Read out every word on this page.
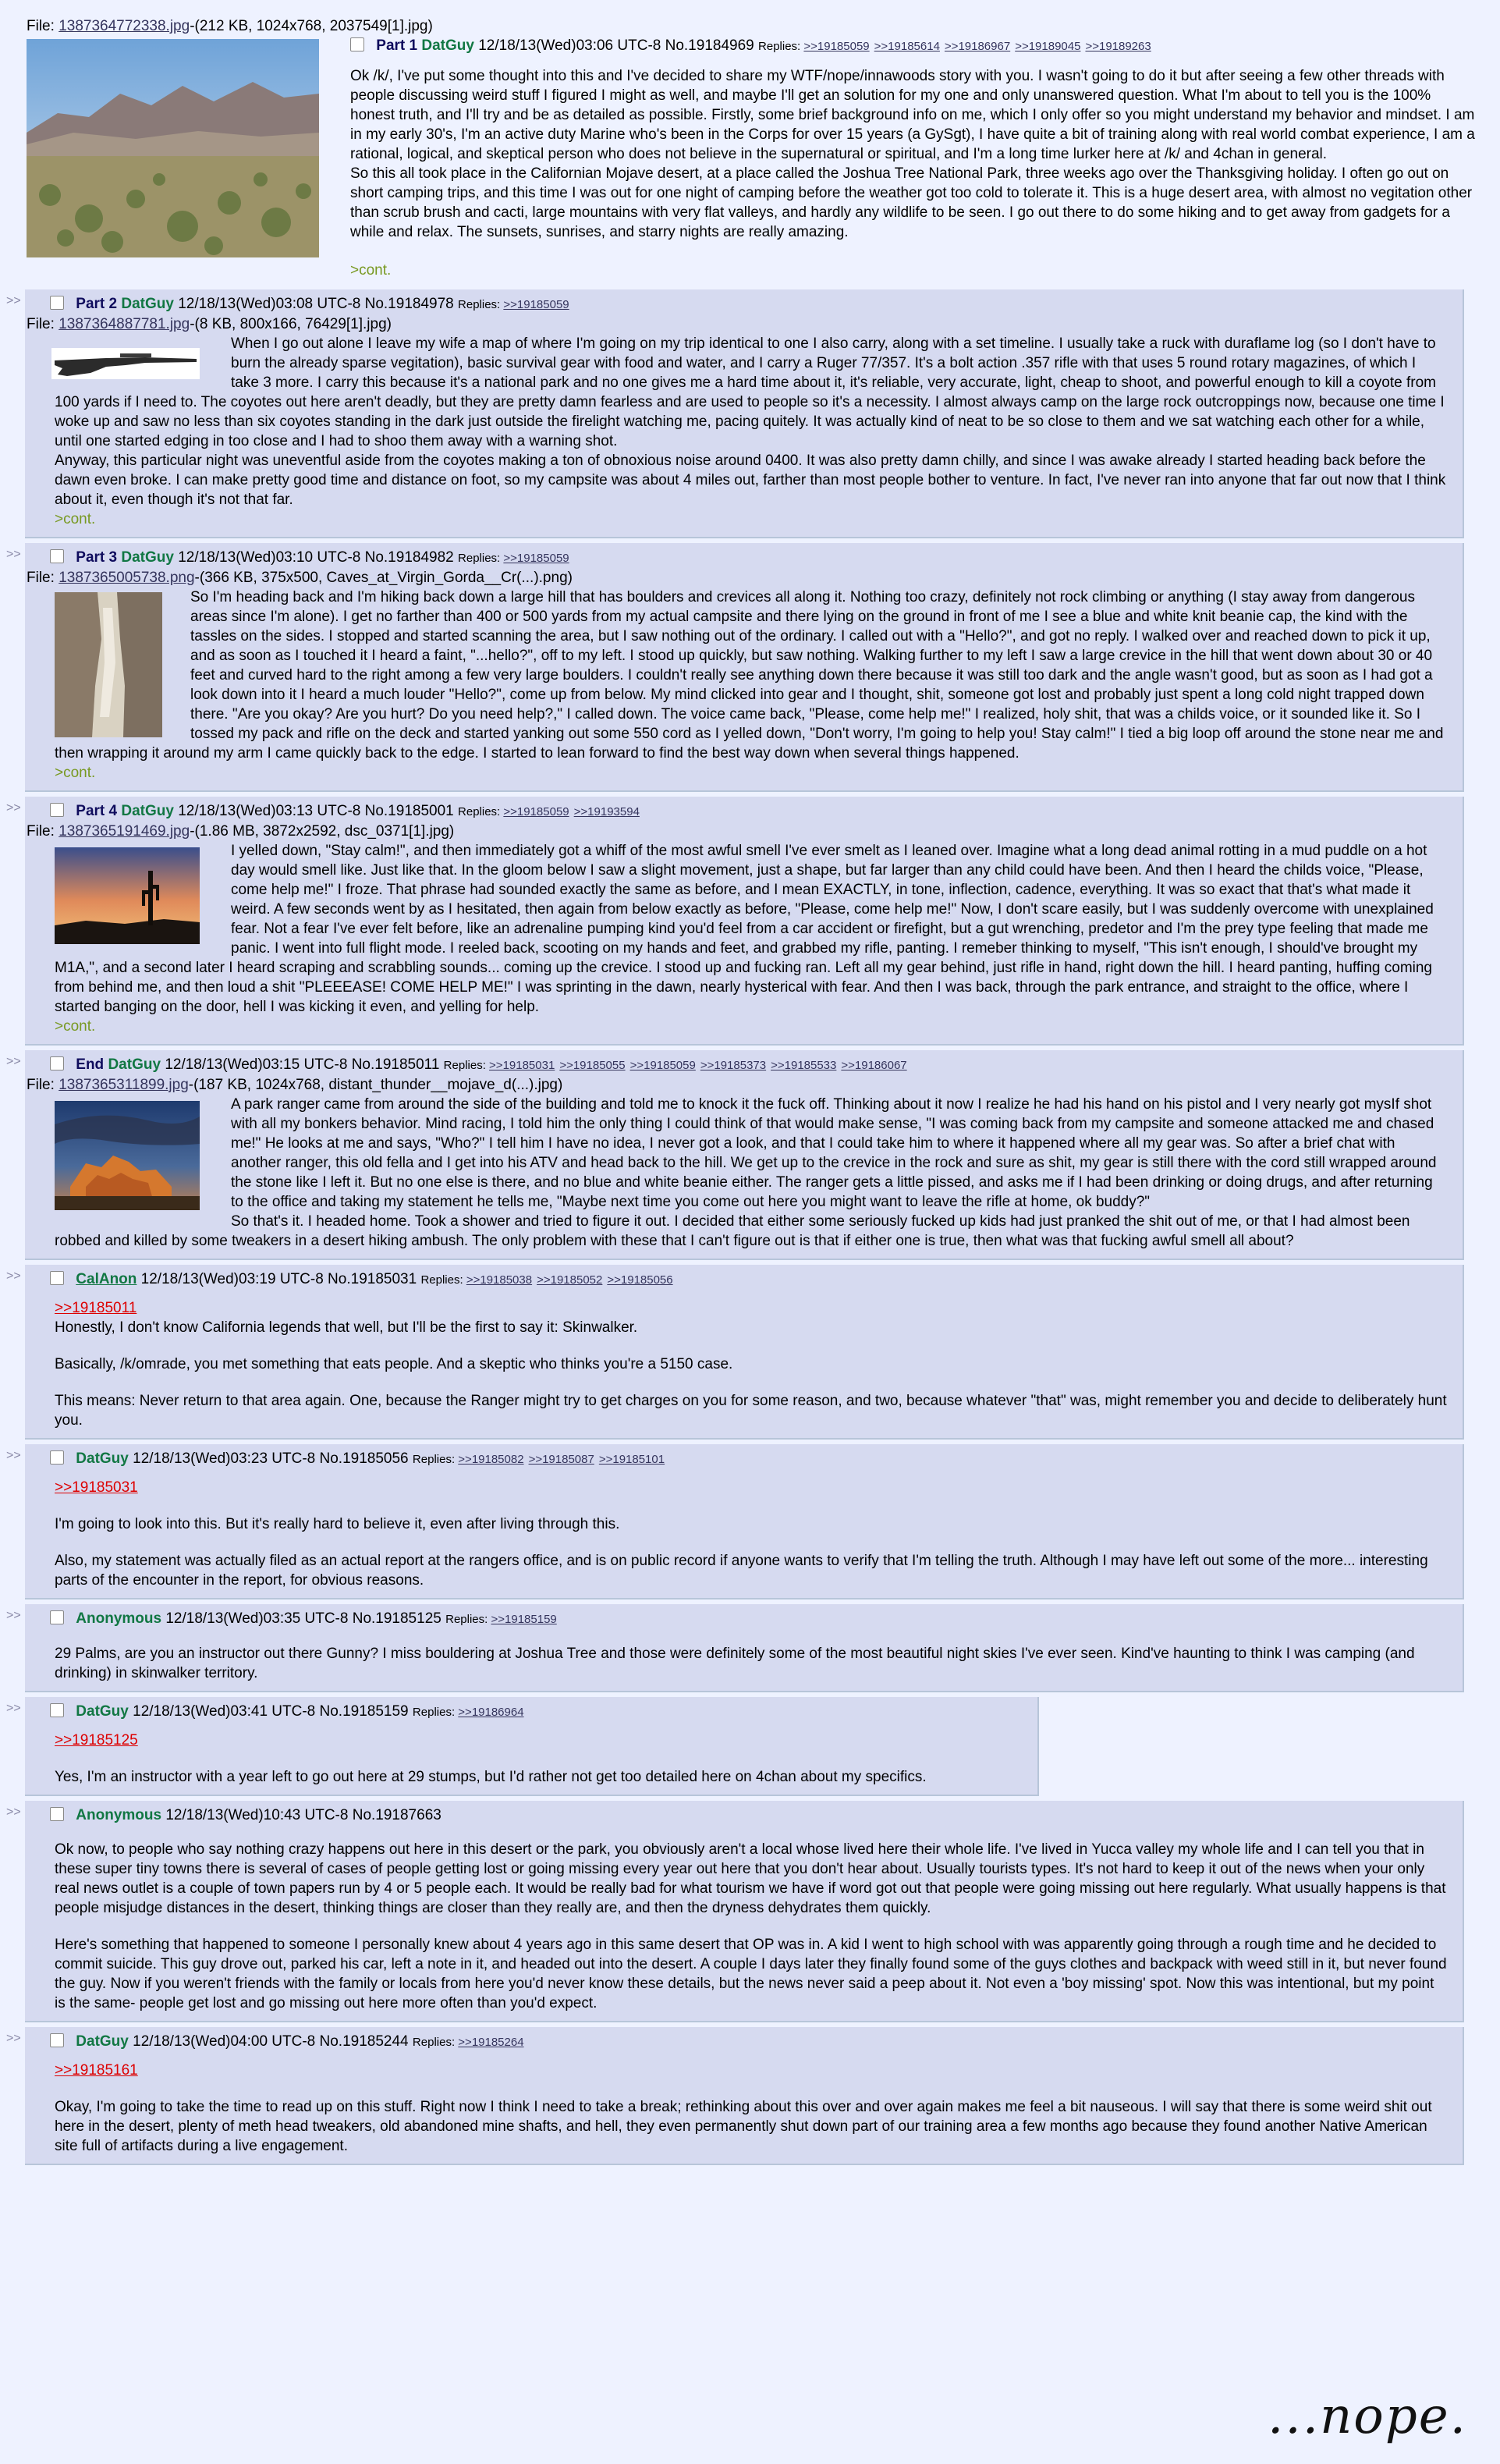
File: 1387364772338.jpg-(212 KB, 1024x768, 2037549[1].jpg)
Part 1 DatGuy 12/18/13(Wed)03:06 UTC-8 No.19184969 Replies: >>19185059 >>19185614 >>19186967 >>19189045 >>19189263
Ok /k/, I've put some thought into this and I've decided to share my WTF/nope/innawoods story with you. I wasn't going to do it but after seeing a few other threads with people discussing weird stuff I figured I might as well, and maybe I'll get an solution for my one and only unanswered question. What I'm about to tell you is the 100% honest truth, and I'll try and be as detailed as possible. Firstly, some brief background info on me, which I only offer so you might understand my behavior and mindset. I am in my early 30's, I'm an active duty Marine who's been in the Corps for over 15 years (a GySgt), I have quite a bit of training along with real world combat experience, I am a rational, logical, and skeptical person who does not believe in the supernatural or spiritual, and I'm a long time lurker here at /k/ and 4chan in general.
So this all took place in the Californian Mojave desert, at a place called the Joshua Tree National Park, three weeks ago over the Thanksgiving holiday. I often go out on short camping trips, and this time I was out for one night of camping before the weather got too cold to tolerate it. This is a huge desert area, with almost no vegitation other than scrub brush and cacti, large mountains with very flat valleys, and hardly any wildlife to be seen. I go out there to do some hiking and to get away from gadgets for a while and relax. The sunsets, sunrises, and starry nights are really amazing.
>cont.
>>	Part 2 DatGuy 12/18/13(Wed)03:08 UTC-8 No.19184978 Replies: >>19185059
File: 1387364887781.jpg-(8 KB, 800x166, 76429[1].jpg)
When I go out alone I leave my wife a map of where I'm going on my trip identical to one I also carry, along with a set timeline. I usually take a ruck with duraflame log (so I don't have to burn the already sparse vegitation), basic survival gear with food and water, and I carry a Ruger 77/357. It's a bolt action .357 rifle with that uses 5 round rotary magazines, of which I take 3 more. I carry this because it's a national park and no one gives me a hard time about it, it's reliable, very accurate, light, cheap to shoot, and powerful enough to kill a coyote from 100 yards if I need to. The coyotes out here aren't deadly, but they are pretty damn fearless and are used to people so it's a necessity. I almost always camp on the large rock outcroppings now, because one time I woke up and saw no less than six coyotes standing in the dark just outside the firelight watching me, pacing quitely. It was actually kind of neat to be so close to them and we sat watching each other for a while, until one started edging in too close and I had to shoo them away with a warning shot.
Anyway, this particular night was uneventful aside from the coyotes making a ton of obnoxious noise around 0400. It was also pretty damn chilly, and since I was awake already I started heading back before the dawn even broke. I can make pretty good time and distance on foot, so my campsite was about 4 miles out, farther than most people bother to venture. In fact, I've never ran into anyone that far out now that I think about it, even though it's not that far.
>cont.
>>	Part 3 DatGuy 12/18/13(Wed)03:10 UTC-8 No.19184982 Replies: >>19185059
File: 1387365005738.png-(366 KB, 375x500, Caves_at_Virgin_Gorda__Cr(...).png)
So I'm heading back and I'm hiking back down a large hill that has boulders and crevices all along it. Nothing too crazy, definitely not rock climbing or anything (I stay away from dangerous areas since I'm alone). I get no farther than 400 or 500 yards from my actual campsite and there lying on the ground in front of me I see a blue and white knit beanie cap, the kind with the tassles on the sides. I stopped and started scanning the area, but I saw nothing out of the ordinary. I called out with a "Hello?", and got no reply. I walked over and reached down to pick it up, and as soon as I touched it I heard a faint, "...hello?", off to my left. I stood up quickly, but saw nothing. Walking further to my left I saw a large crevice in the hill that went down about 30 or 40 feet and curved hard to the right among a few very large boulders. I couldn't really see anything down there because it was still too dark and the angle wasn't good, but as soon as I had got a look down into it I heard a much louder "Hello?", come up from below. My mind clicked into gear and I thought, shit, someone got lost and probably just spent a long cold night trapped down there. "Are you okay? Are you hurt? Do you need help?," I called down. The voice came back, "Please, come help me!" I realized, holy shit, that was a childs voice, or it sounded like it. So I tossed my pack and rifle on the deck and started yanking out some 550 cord as I yelled down, "Don't worry, I'm going to help you! Stay calm!" I tied a big loop off around the stone near me and then wrapping it around my arm I came quickly back to the edge. I started to lean forward to find the best way down when several things happened.
>cont.
>>	Part 4 DatGuy 12/18/13(Wed)03:13 UTC-8 No.19185001 Replies: >>19185059 >>19193594
File: 1387365191469.jpg-(1.86 MB, 3872x2592, dsc_0371[1].jpg)
I yelled down, "Stay calm!", and then immediately got a whiff of the most awful smell I've ever smelt as I leaned over. Imagine what a long dead animal rotting in a mud puddle on a hot day would smell like. Just like that. In the gloom below I saw a slight movement, just a shape, but far larger than any child could have been. And then I heard the childs voice, "Please, come help me!" I froze. That phrase had sounded exactly the same as before, and I mean EXACTLY, in tone, inflection, cadence, everything. It was so exact that that's what made it weird. A few seconds went by as I hesitated, then again from below exactly as before, "Please, come help me!" Now, I don't scare easily, but I was suddenly overcome with unexplained fear. Not a fear I've ever felt before, like an adrenaline pumping kind you'd feel from a car accident or firefight, but a gut wrenching, predetor and I'm the prey type feeling that made me panic. I went into full flight mode. I reeled back, scooting on my hands and feet, and grabbed my rifle, panting. I remeber thinking to myself, "This isn't enough, I should've brought my M1A,", and a second later I heard scraping and scrabbling sounds... coming up the crevice. I stood up and fucking ran. Left all my gear behind, just rifle in hand, right down the hill. I heard panting, huffing coming from behind me, and then loud a shit "PLEEEASE! COME HELP ME!" I was sprinting in the dawn, nearly hysterical with fear. And then I was back, through the park entrance, and straight to the office, where I started banging on the door, hell I was kicking it even, and yelling for help.
>cont.
>>	End DatGuy 12/18/13(Wed)03:15 UTC-8 No.19185011 Replies: >>19185031 >>19185055 >>19185059 >>19185373 >>19185533 >>19186067
File: 1387365311899.jpg-(187 KB, 1024x768, distant_thunder__mojave_d(...).jpg)
A park ranger came from around the side of the building and told me to knock it the fuck off. Thinking about it now I realize he had his hand on his pistol and I very nearly got mysIf shot with all my bonkers behavior. Mind racing, I told him the only thing I could think of that would make sense, "I was coming back from my campsite and someone attacked me and chased me!" He looks at me and says, "Who?" I tell him I have no idea, I never got a look, and that I could take him to where it happened where all my gear was. So after a brief chat with another ranger, this old fella and I get into his ATV and head back to the hill. We get up to the crevice in the rock and sure as shit, my gear is still there with the cord still wrapped around the stone like I left it. But no one else is there, and no blue and white beanie either. The ranger gets a little pissed, and asks me if I had been drinking or doing drugs, and after returning to the office and taking my statement he tells me, "Maybe next time you come out here you might want to leave the rifle at home, ok buddy?"
So that's it. I headed home. Took a shower and tried to figure it out. I decided that either some seriously fucked up kids had just pranked the shit out of me, or that I had almost been robbed and killed by some tweakers in a desert hiking ambush. The only problem with these that I can't figure out is that if either one is true, then what was that fucking awful smell all about?
>>	CalAnon 12/18/13(Wed)03:19 UTC-8 No.19185031 Replies: >>19185038 >>19185052 >>19185056
>>19185011
Honestly, I don't know California legends that well, but I'll be the first to say it: Skinwalker.
Basically, /k/omrade, you met something that eats people. And a skeptic who thinks you're a 5150 case.
This means: Never return to that area again. One, because the Ranger might try to get charges on you for some reason, and two, because whatever "that" was, might remember you and decide to deliberately hunt you.
>>	DatGuy 12/18/13(Wed)03:23 UTC-8 No.19185056 Replies: >>19185082 >>19185087 >>19185101
>>19185031
I'm going to look into this. But it's really hard to believe it, even after living through this.
Also, my statement was actually filed as an actual report at the rangers office, and is on public record if anyone wants to verify that I'm telling the truth. Although I may have left out some of the more... interesting parts of the encounter in the report, for obvious reasons.
>>	Anonymous 12/18/13(Wed)03:35 UTC-8 No.19185125 Replies: >>19185159
29 Palms, are you an instructor out there Gunny? I miss bouldering at Joshua Tree and those were definitely some of the most beautiful night skies I've ever seen. Kind've haunting to think I was camping (and drinking) in skinwalker territory.
>>	DatGuy 12/18/13(Wed)03:41 UTC-8 No.19185159 Replies: >>19186964
>>19185125
Yes, I'm an instructor with a year left to go out here at 29 stumps, but I'd rather not get too detailed here on 4chan about my specifics.
>>	Anonymous 12/18/13(Wed)10:43 UTC-8 No.19187663
Ok now, to people who say nothing crazy happens out here in this desert or the park, you obviously aren't a local whose lived here their whole life. I've lived in Yucca valley my whole life and I can tell you that in these super tiny towns there is several of cases of people getting lost or going missing every year out here that you don't hear about. Usually tourists types. It's not hard to keep it out of the news when your only real news outlet is a couple of town papers run by 4 or 5 people each. It would be really bad for what tourism we have if word got out that people were going missing out here regularly. What usually happens is that people misjudge distances in the desert, thinking things are closer than they really are, and then the dryness dehydrates them quickly.
Here's something that happened to someone I personally knew about 4 years ago in this same desert that OP was in. A kid I went to high school with was apparently going through a rough time and he decided to commit suicide. This guy drove out, parked his car, left a note in it, and headed out into the desert. A couple I days later they finally found some of the guys clothes and backpack with weed still in it, but never found the guy. Now if you weren't friends with the family or locals from here you'd never know these details, but the news never said a peep about it. Not even a 'boy missing' spot. Now this was intentional, but my point is the same- people get lost and go missing out here more often than you'd expect.
>>	DatGuy 12/18/13(Wed)04:00 UTC-8 No.19185244 Replies: >>19185264
>>19185161
Okay, I'm going to take the time to read up on this stuff. Right now I think I need to take a break; rethinking about this over and over again makes me feel a bit nauseous. I will say that there is some weird shit out here in the desert, plenty of meth head tweakers, old abandoned mine shafts, and hell, they even permanently shut down part of our training area a few months ago because they found another Native American site full of artifacts during a live engagement.
...nope.
